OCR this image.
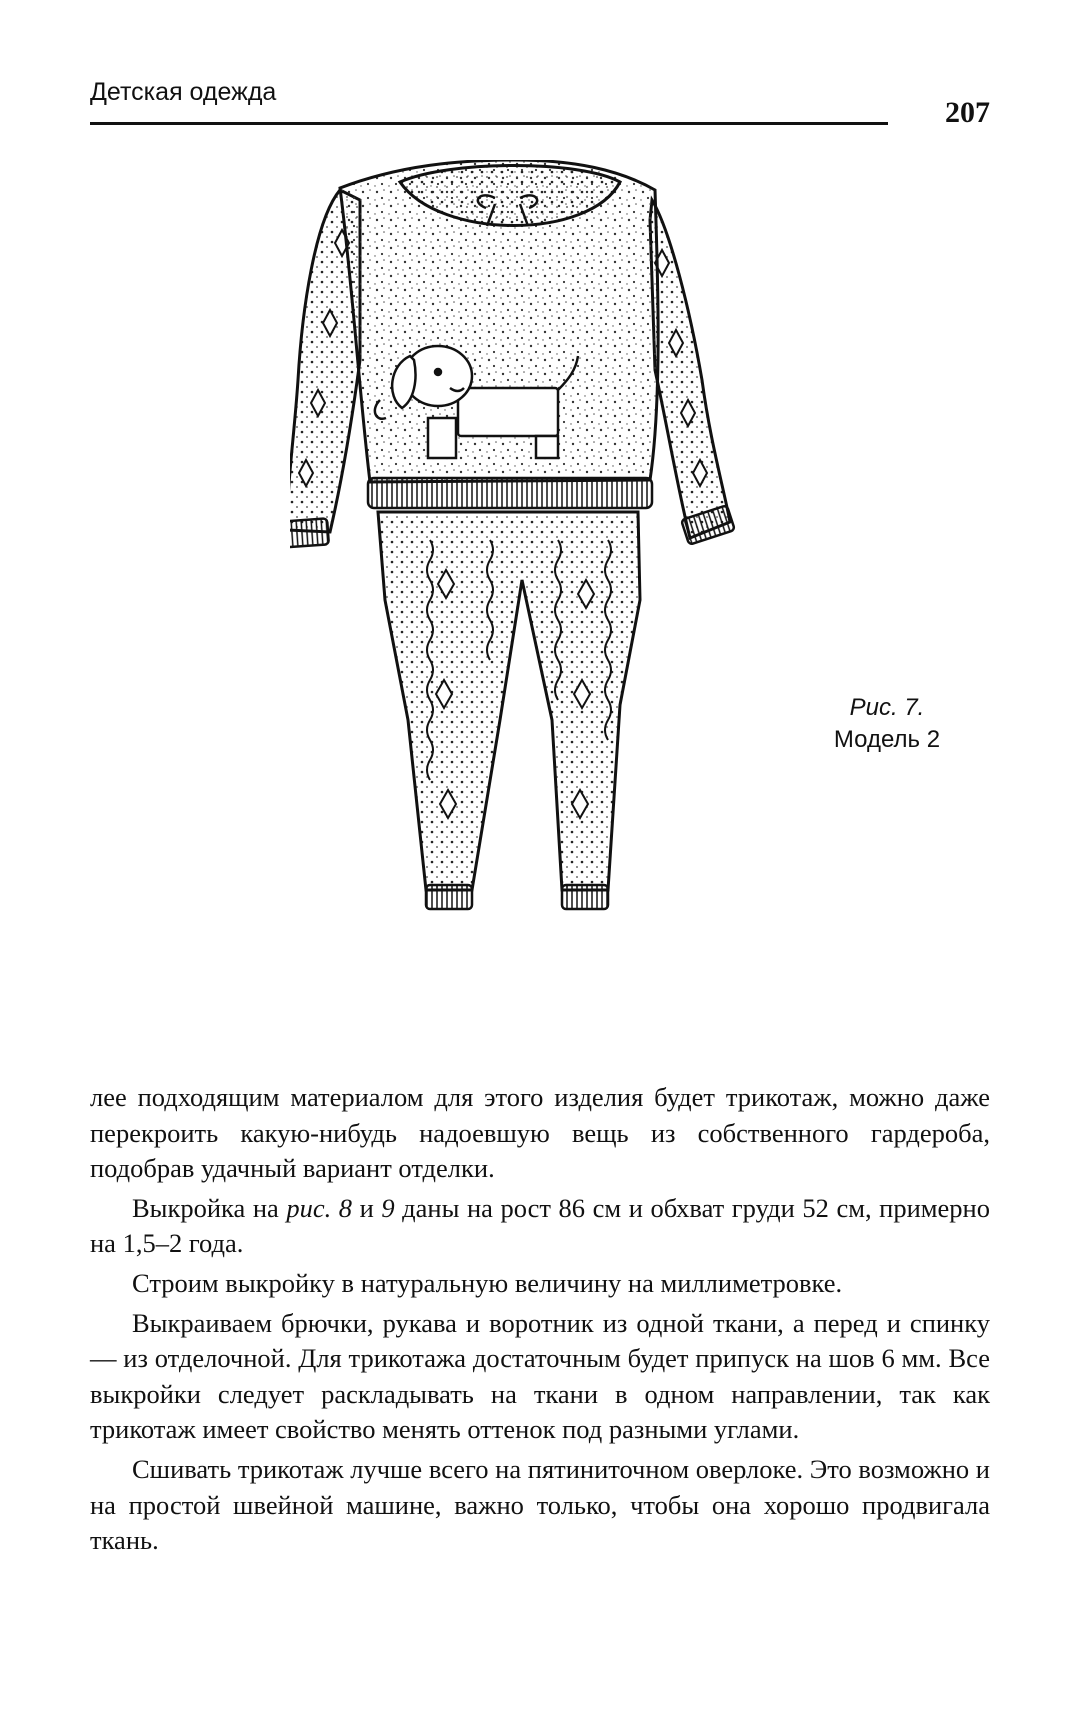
Детская одежда
207
Рис. 7.
Модель 2

лее подходящим материалом для этого изделия будет трикотаж, можно даже перекроить какую-нибудь надоевшую вещь из собственного гардероба, подобрав удачный вариант отделки.

Выкройка на рис. 8 и 9 даны на рост 86 см и обхват груди 52 см, примерно на 1,5–2 года.

Строим выкройку в натуральную величину на миллиметровке.

Выкраиваем брючки, рукава и воротник из одной ткани, а перед и спинку — из отделочной. Для трикотажа достаточным будет припуск на шов 6 мм. Все выкройки следует раскладывать на ткани в одном направлении, так как трикотаж имеет свойство менять оттенок под разными углами.

Сшивать трикотаж лучше всего на пятиниточном оверлоке. Это возможно и на простой швейной машине, важно только, чтобы она хорошо продвигала ткань.
